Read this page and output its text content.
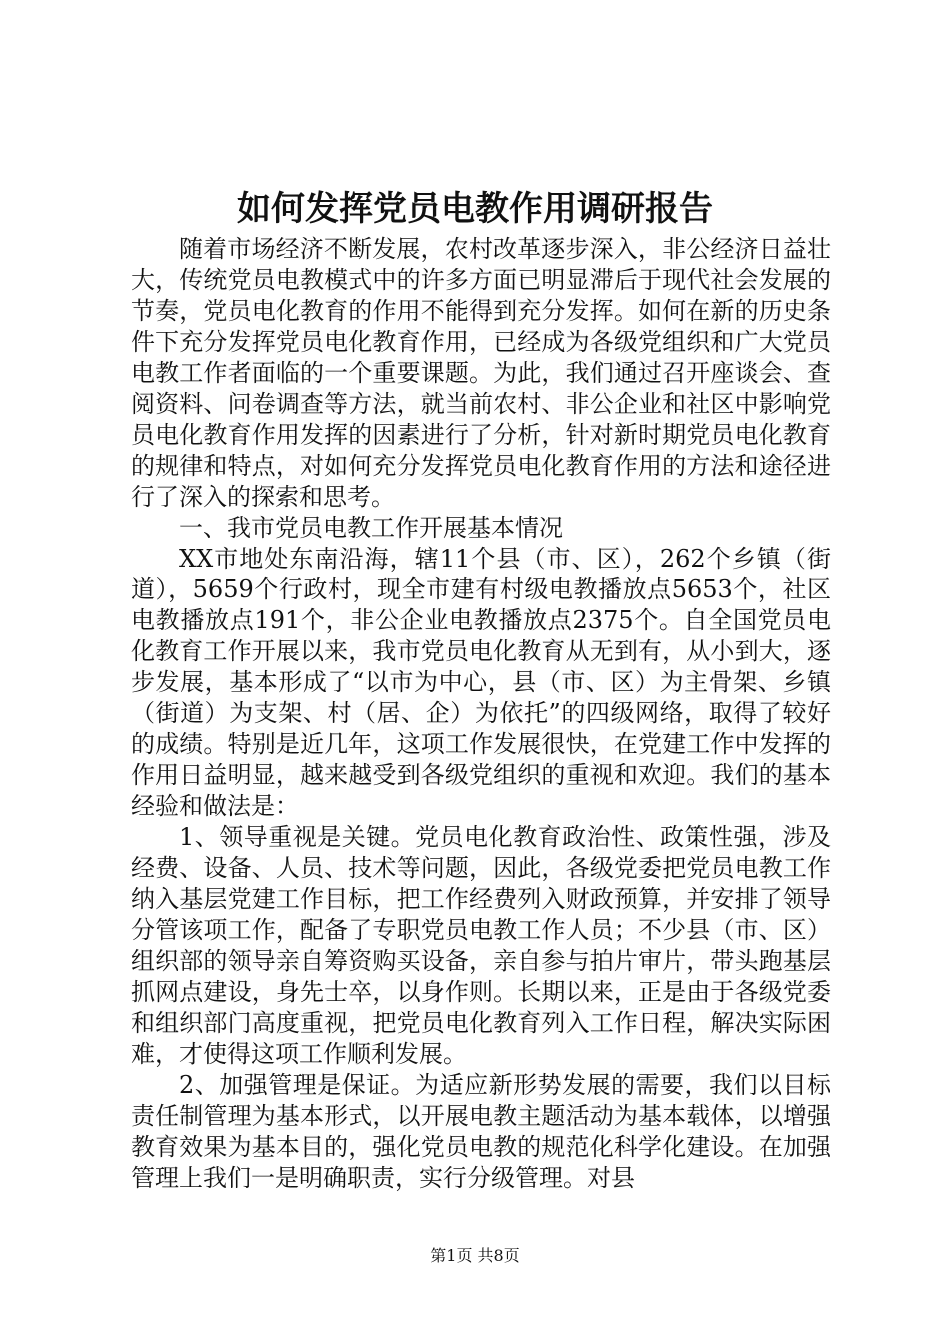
如何发挥党员电教作用调研报告

随着市场经济不断发展，农村改革逐步深入，非公经济日益壮大，传统党员电教模式中的许多方面已明显滞后于现代社会发展的节奏，党员电化教育的作用不能得到充分发挥。如何在新的历史条件下充分发挥党员电化教育作用，已经成为各级党组织和广大党员电教工作者面临的一个重要课题。为此，我们通过召开座谈会、查阅资料、问卷调查等方法，就当前农村、非公企业和社区中影响党员电化教育作用发挥的因素进行了分析，针对新时期党员电化教育的规律和特点，对如何充分发挥党员电化教育作用的方法和途径进行了深入的探索和思考。

一、我市党员电教工作开展基本情况

XX市地处东南沿海，辖11个县（市、区），262个乡镇（街道），5659个行政村，现全市建有村级电教播放点5653个，社区电教播放点191个，非公企业电教播放点2375个。自全国党员电化教育工作开展以来，我市党员电化教育从无到有，从小到大，逐步发展，基本形成了“以市为中心，县（市、区）为主骨架、乡镇（街道）为支架、村（居、企）为依托”的四级网络，取得了较好的成绩。特别是近几年，这项工作发展很快，在党建工作中发挥的作用日益明显，越来越受到各级党组织的重视和欢迎。我们的基本经验和做法是：

1、领导重视是关键。党员电化教育政治性、政策性强，涉及经费、设备、人员、技术等问题，因此，各级党委把党员电教工作纳入基层党建工作目标，把工作经费列入财政预算，并安排了领导分管该项工作，配备了专职党员电教工作人员；不少县（市、区）组织部的领导亲自筹资购买设备，亲自参与拍片审片，带头跑基层抓网点建设，身先士卒，以身作则。长期以来，正是由于各级党委和组织部门高度重视，把党员电化教育列入工作日程，解决实际困难，才使得这项工作顺利发展。

2、加强管理是保证。为适应新形势发展的需要，我们以目标责任制管理为基本形式，以开展电教主题活动为基本载体，以增强教育效果为基本目的，强化党员电教的规范化科学化建设。在加强管理上我们一是明确职责，实行分级管理。对县

第1页 共8页
